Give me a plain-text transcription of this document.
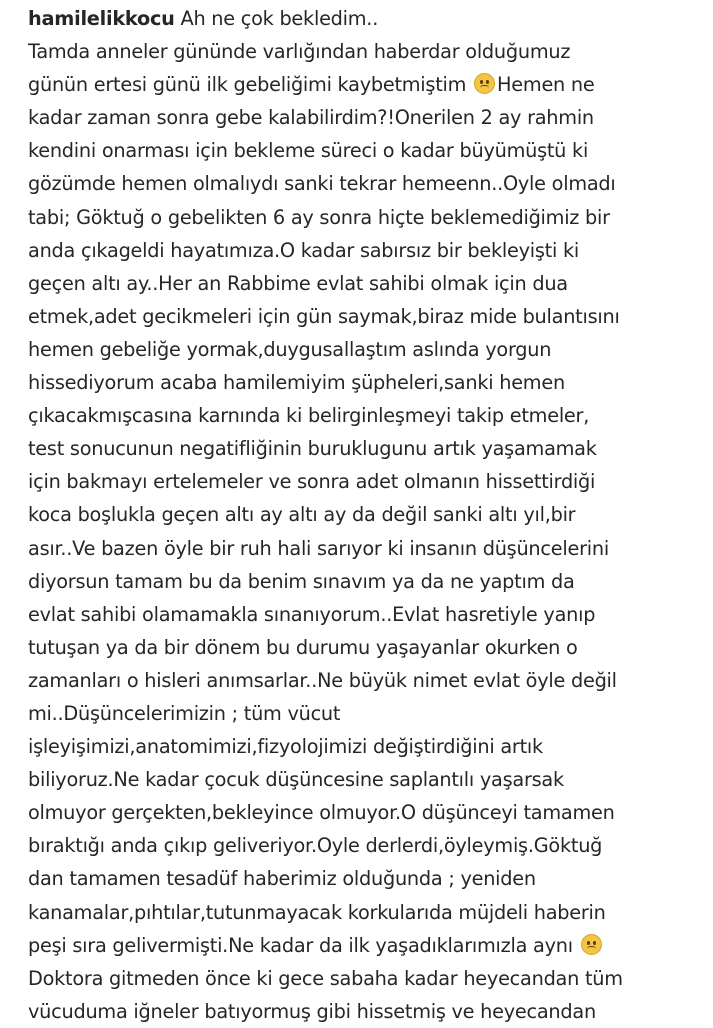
hamilelikkocu Ah ne çok bekledim..
Tamda anneler gününde varlığından haberdar olduğumuz
günün ertesi günü ilk gebeliğimi kaybetmiştim
Hemen ne
kadar zaman sonra gebe kalabilirdim?!Onerilen 2 ay rahmin
kendini onarması için bekleme süreci o kadar büyümüştü ki
gözümde hemen olmalıydı sanki tekrar hemeenn..Oyle olmadı
tabi; Göktuğ o gebelikten 6 ay sonra hiçte beklemediğimiz bir
anda çıkageldi hayatımıza.O kadar sabırsız bir bekleyişti ki
geçen altı ay..Her an Rabbime evlat sahibi olmak için dua
etmek,adet gecikmeleri için gün saymak,biraz mide bulantısını
hemen gebeliğe yormak,duygusallaştım aslında yorgun
hissediyorum acaba hamilemiyim şüpheleri,sanki hemen
çıkacakmışcasına karnında ki belirginleşmeyi takip etmeler,
test sonucunun negatifliğinin buruklugunu artık yaşamamak
için bakmayı ertelemeler ve sonra adet olmanın hissettirdiği
koca boşlukla geçen altı ay altı ay da değil sanki altı yıl,bir
asır..Ve bazen öyle bir ruh hali sarıyor ki insanın düşüncelerini
diyorsun tamam bu da benim sınavım ya da ne yaptım da
evlat sahibi olamamakla sınanıyorum..Evlat hasretiyle yanıp
tutuşan ya da bir dönem bu durumu yaşayanlar okurken o
zamanları o hisleri anımsarlar..Ne büyük nimet evlat öyle değil
mi..Düşüncelerimizin ; tüm vücut
işleyişimizi,anatomimizi,fizyolojimizi değiştirdiğini artık
biliyoruz.Ne kadar çocuk düşüncesine saplantılı yaşarsak
olmuyor gerçekten,bekleyince olmuyor.O düşünceyi tamamen
bıraktığı anda çıkıp geliveriyor.Oyle derlerdi,öyleymiş.Göktuğ
dan tamamen tesadüf haberimiz olduğunda ; yeniden
kanamalar,pıhtılar,tutunmayacak korkularıda müjdeli haberin
peşi sıra gelivermişti.Ne kadar da ilk yaşadıklarımızla aynı
Doktora gitmeden önce ki gece sabaha kadar heyecandan tüm
vücuduma iğneler batıyormuş gibi hissetmiş ve heyecandan
